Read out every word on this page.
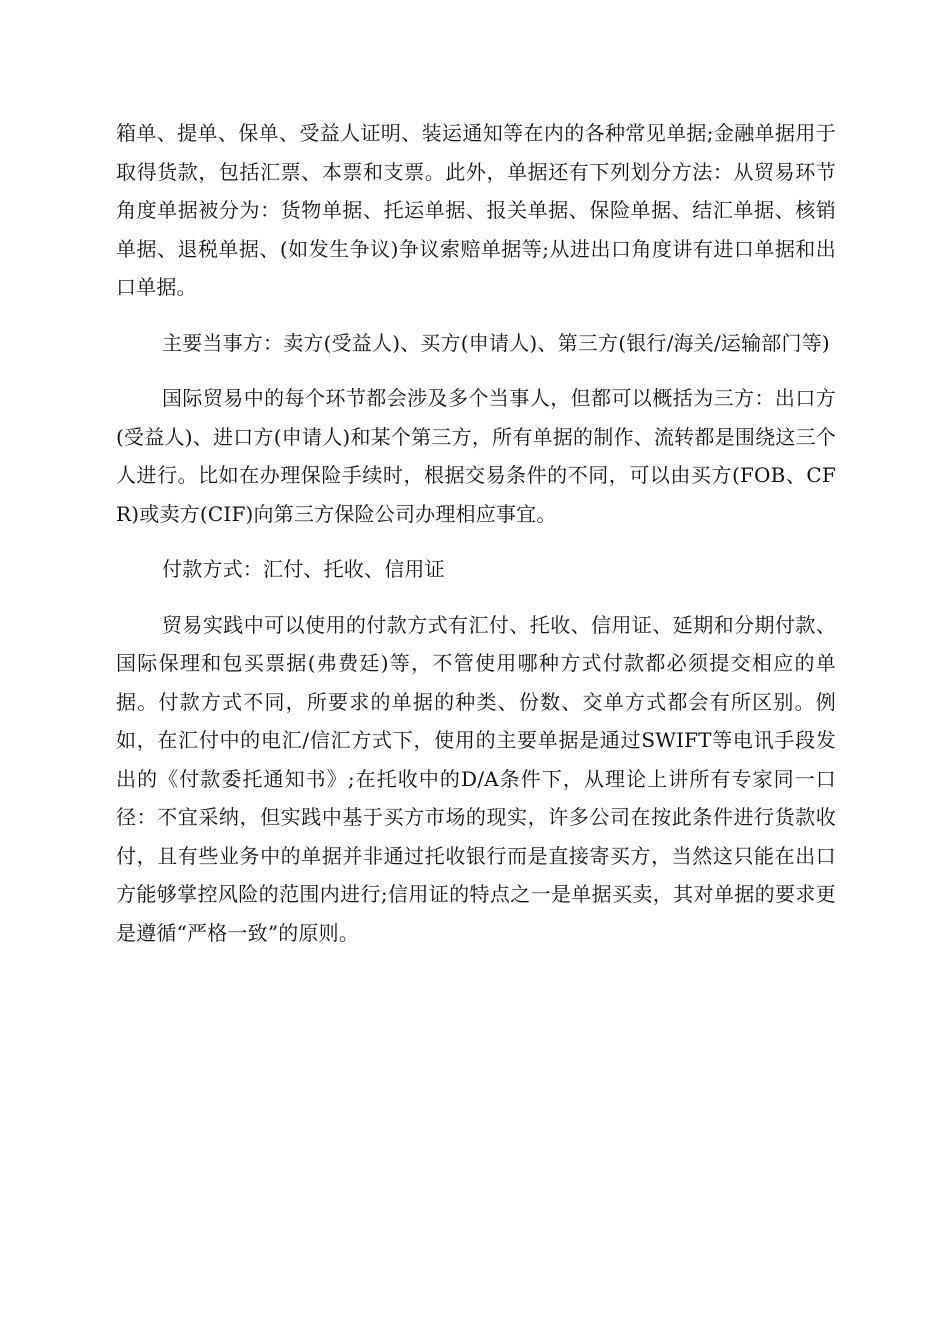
箱单、提单、保单、受益人证明、装运通知等在内的各种常见单据;金融单据用于取得货款，包括汇票、本票和支票。此外，单据还有下列划分方法：从贸易环节角度单据被分为：货物单据、托运单据、报关单据、保险单据、结汇单据、核销单据、退税单据、(如发生争议)争议索赔单据等;从进出口角度讲有进口单据和出口单据。

主要当事方：卖方(受益人)、买方(申请人)、第三方(银行/海关/运输部门等)

国际贸易中的每个环节都会涉及多个当事人，但都可以概括为三方：出口方(受益人)、进口方(申请人)和某个第三方，所有单据的制作、流转都是围绕这三个人进行。比如在办理保险手续时，根据交易条件的不同，可以由买方(FOB、CFR)或卖方(CIF)向第三方保险公司办理相应事宜。

付款方式：汇付、托收、信用证

贸易实践中可以使用的付款方式有汇付、托收、信用证、延期和分期付款、国际保理和包买票据(弗费廷)等，不管使用哪种方式付款都必须提交相应的单据。付款方式不同，所要求的单据的种类、份数、交单方式都会有所区别。例如，在汇付中的电汇/信汇方式下，使用的主要单据是通过SWIFT等电讯手段发出的《付款委托通知书》;在托收中的D/A条件下，从理论上讲所有专家同一口径：不宜采纳，但实践中基于买方市场的现实，许多公司在按此条件进行货款收付，且有些业务中的单据并非通过托收银行而是直接寄买方，当然这只能在出口方能够掌控风险的范围内进行;信用证的特点之一是单据买卖，其对单据的要求更是遵循“严格一致”的原则。
